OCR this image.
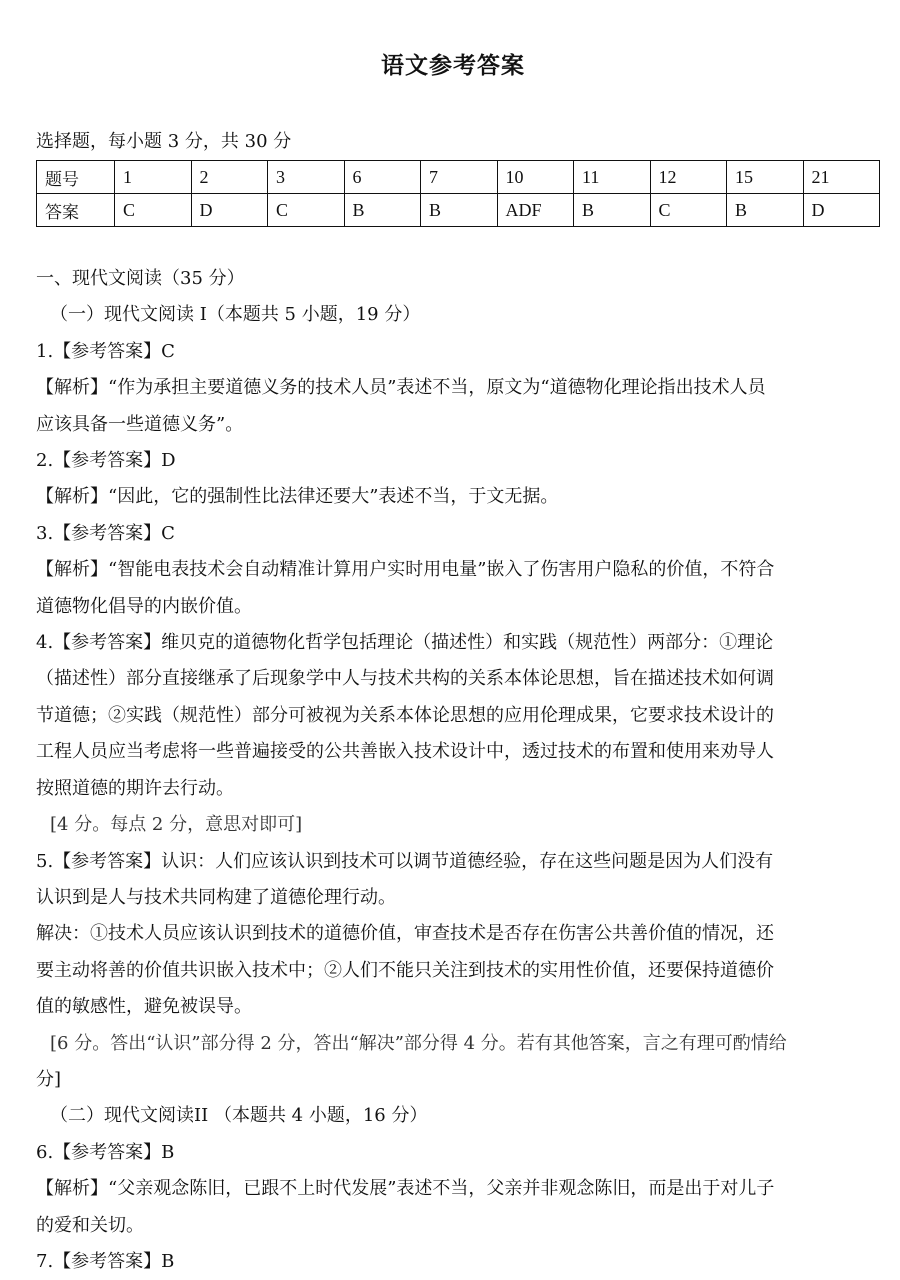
语文参考答案
选择题，每小题 3 分，共 30 分
题号	1	2	3	6	7	10	11	12	15	21
答案	C	D	C	B	B	ADF	B	C	B	D

一、现代文阅读（35 分）

（一）现代文阅读 I（本题共 5 小题，19 分）

1.【参考答案】C

【解析】“作为承担主要道德义务的技术人员”表述不当，原文为“道德物化理论指出技术人员

应该具备一些道德义务”。

2.【参考答案】D

【解析】“因此，它的强制性比法律还要大”表述不当，于文无据。

3.【参考答案】C

【解析】“智能电表技术会自动精准计算用户实时用电量”嵌入了伤害用户隐私的价值，不符合

道德物化倡导的内嵌价值。

4.【参考答案】维贝克的道德物化哲学包括理论（描述性）和实践（规范性）两部分：①理论

（描述性）部分直接继承了后现象学中人与技术共构的关系本体论思想，旨在描述技术如何调

节道德；②实践（规范性）部分可被视为关系本体论思想的应用伦理成果，它要求技术设计的

工程人员应当考虑将一些普遍接受的公共善嵌入技术设计中，透过技术的布置和使用来劝导人

按照道德的期许去行动。

[4 分。每点 2 分，意思对即可]

5.【参考答案】认识：人们应该认识到技术可以调节道德经验，存在这些问题是因为人们没有

认识到是人与技术共同构建了道德伦理行动。

解决：①技术人员应该认识到技术的道德价值，审查技术是否存在伤害公共善价值的情况，还

要主动将善的价值共识嵌入技术中；②人们不能只关注到技术的实用性价值，还要保持道德价

值的敏感性，避免被误导。

[6 分。答出“认识”部分得 2 分，答出“解决”部分得 4 分。若有其他答案，言之有理可酌情给

分]

（二）现代文阅读II （本题共 4 小题，16 分）

6.【参考答案】B

【解析】“父亲观念陈旧，已跟不上时代发展”表述不当，父亲并非观念陈旧，而是出于对儿子

的爱和关切。

7.【参考答案】B
